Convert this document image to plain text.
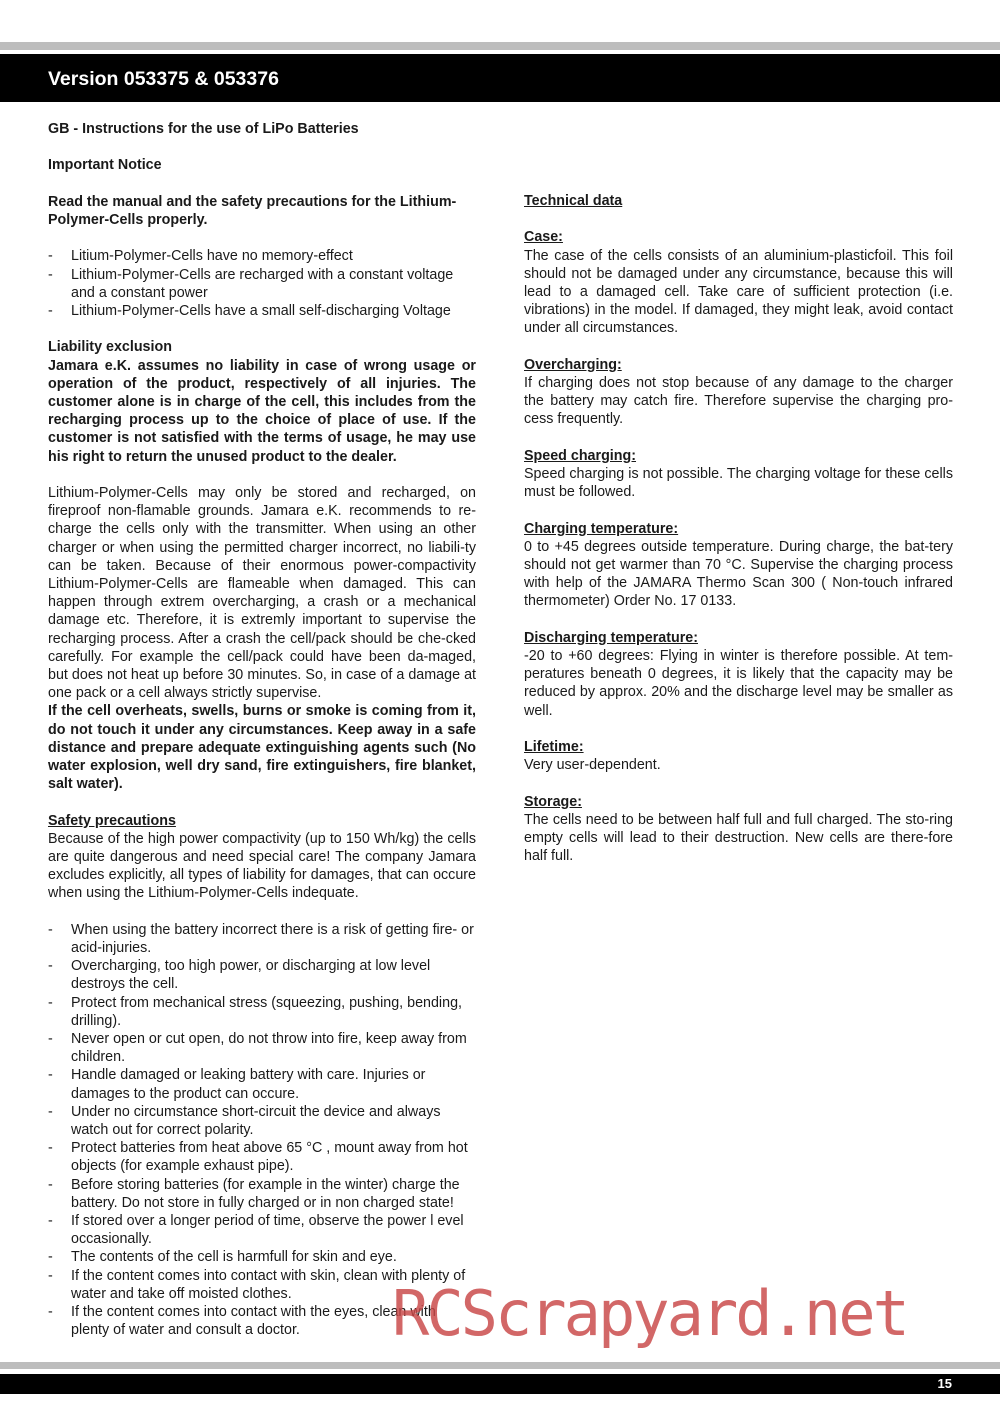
Version 053375 & 053376

GB - Instructions for the use of LiPo Batteries

Important Notice

Read the manual and the safety precautions for the Lithium-Polymer-Cells properly.

- Litium-Polymer-Cells have no memory-effect
- Lithium-Polymer-Cells are recharged with a constant voltage and a constant power
- Lithium-Polymer-Cells have a small self-discharging Voltage

Liability exclusion

Jamara e.K. assumes no liability in case of wrong usage or operation of the product, respectively of all injuries. The customer alone is in charge of the cell, this includes from the recharging process up to the choice of place of use. If the customer is not satisfied with the terms of usage, he may use his right to return the unused product to the dealer.

Lithium-Polymer-Cells may only be stored and recharged, on fireproof non-flamable grounds. Jamara e.K. recommends to re-charge the cells only with the transmitter. When using an other charger or when using the permitted charger incorrect, no liabili-ty can be taken. Because of their enormous power-compactivity Lithium-Polymer-Cells are flameable when damaged. This can happen through extrem overcharging, a crash or a mechanical damage etc. Therefore, it is extremly important to supervise the recharging process. After a crash the cell/pack should be che-cked carefully. For example the cell/pack could have been da-maged, but does not heat up before 30 minutes. So, in case of a damage at one pack or a cell always strictly supervise.

If the cell overheats, swells, burns or smoke is coming from it, do not touch it under any circumstances. Keep away in a safe distance and prepare adequate extinguishing agents such (No water explosion, well dry sand, fire extinguishers, fire blanket, salt water).

Safety precautions

Because of the high power compactivity (up to 150 Wh/kg) the cells are quite dangerous and need special care! The company Jamara excludes explicitly, all types of liability for damages, that can occure when using the Lithium-Polymer-Cells indequate.

- When using the battery incorrect there is a risk of getting fire- or acid-injuries.
- Overcharging, too high power, or discharging at low level destroys the cell.
- Protect from mechanical stress (squeezing, pushing, bending,          drilling).
- Never open or cut open, do not throw into fire, keep away from children.
- Handle damaged or leaking battery with care. Injuries or damages to the product can occure.
- Under no circumstance short-circuit the device and always watch out for correct polarity.
- Protect batteries from heat above 65 °C , mount away from hot objects (for example exhaust pipe).
- Before storing batteries (for example in the winter) charge the battery. Do not store in fully charged or in non charged state!
- If stored over a longer period of time, observe the power l evel occasionally.
- The contents of the cell is harmfull for skin and eye.
- If the content comes into contact with skin, clean with plenty of water and take off moisted clothes.
- If the content comes into contact with the eyes, clean with plenty of water and consult a doctor.

Technical data

Case:

The case of the cells consists of an aluminium-plasticfoil. This foil should not be damaged under any circumstance, because this will lead to a damaged cell. Take care of sufficient protection (i.e. vibrations) in the model. If damaged, they might leak, avoid contact under all circumstances.

Overcharging:

If charging does not stop because of any damage to the charger the battery may catch fire. Therefore supervise the charging pro-cess frequently.

Speed charging:

Speed charging is not possible. The charging voltage for these cells must be followed.

Charging temperature:

0 to +45 degrees outside temperature. During charge, the bat-tery should not get warmer than 70 °C. Supervise the charging process with help of the JAMARA Thermo Scan 300 ( Non-touch infrared thermometer) Order No. 17 0133.

Discharging temperature:

-20 to +60 degrees: Flying in winter is therefore possible. At tem-peratures beneath 0 degrees, it is likely that the capacity may be reduced by approx. 20% and the discharge level may be smaller as well.

Lifetime:

Very user-dependent.

Storage:

The cells need to be between half full and full charged. The sto-ring empty cells will lead to their destruction. New cells are there-fore half full.

RCScrapyard.net
15
